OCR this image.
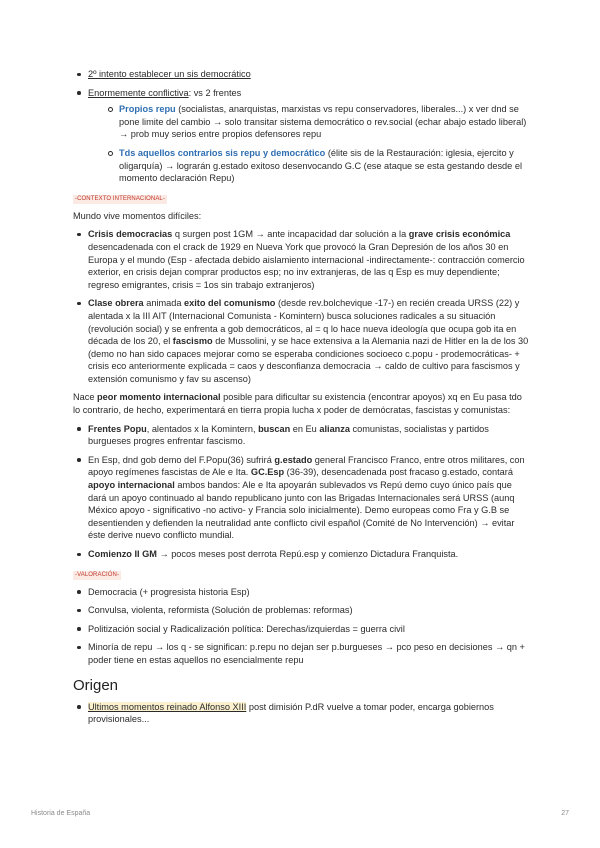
2º intento establecer un sis democrático
Enormemente conflictiva: vs 2 frentes
Propios repu (socialistas, anarquistas, marxistas vs repu conservadores, liberales...) x ver dnd se pone limite del cambio → solo transitar sistema democrático o rev.social (echar abajo estado liberal) → prob muy serios entre propios defensores repu
Tds aquellos contrarios sis repu y democrático (élite sis de la Restauración: iglesia, ejercito y oligarquía) → lograrán g.estado exitoso desenvocando G.C (ese ataque se esta gestando desde el momento declaración Repu)
-CONTEXTO INTERNACIONAL-

Mundo vive momentos difíciles:

Crisis democracias q surgen post 1GM → ante incapacidad dar solución a la grave crisis económica desencadenada con el crack de 1929 en Nueva York que provocó la Gran Depresión de los años 30 en Europa y el mundo (Esp - afectada debido aislamiento internacional -indirectamente-: contracción comercio exterior, en crisis dejan comprar productos esp; no inv extranjeras, de las q Esp es muy dependiente; regreso emigrantes, crisis = 1os sin trabajo extranjeros)
Clase obrera animada exito del comunismo (desde rev.bolchevique -17-) en recién creada URSS (22) y alentada x la III AIT (Internacional Comunista - Komintern) busca soluciones radicales a su situación (revolución social) y se enfrenta a gob democráticos, al = q lo hace nueva ideología que ocupa gob ita en década de los 20, el fascismo de Mussolini, y se hace extensiva a la Alemania nazi de Hitler en la de los 30 (demo no han sido capaces mejorar como se esperaba condiciones socioeco c.popu - prodemocráticas- + crisis eco anteriormente explicada = caos y desconfianza democracia → caldo de cultivo para fascismos y extensión comunismo y fav su ascenso)

Nace peor momento internacional posible para dificultar su existencia (encontrar apoyos) xq en Eu pasa tdo lo contrario, de hecho, experimentará en tierra propia lucha x poder de demócratas, fascistas y comunistas:

Frentes Popu, alentados x la Komintern, buscan en Eu alianza comunistas, socialistas y partidos burgueses progres enfrentar fascismo.
En Esp, dnd gob demo del F.Popu(36) sufrirá g.estado general Francisco Franco, entre otros militares, con apoyo regímenes fascistas de Ale e Ita. GC.Esp (36-39), desencadenada post fracaso g.estado, contará apoyo internacional ambos bandos: Ale e Ita apoyarán sublevados vs Repú demo cuyo único país que dará un apoyo continuado al bando republicano junto con las Brigadas Internacionales será URSS (aunq México apoyo - significativo -no activo- y Francia solo inicialmente). Demo europeas como Fra y G.B se desentienden y defienden la neutralidad ante conflicto civil español (Comité de No Intervención) → evitar éste derive nuevo conflicto mundial.
Comienzo II GM → pocos meses post derrota Repú.esp y comienzo Dictadura Franquista.
-VALORACIÓN-
Democracia (+ progresista historia Esp)
Convulsa, violenta, reformista (Solución de problemas: reformas)
Politización social y Radicalización política: Derechas/izquierdas = guerra civil
Minoría de repu → los q - se significan: p.repu no dejan ser p.burgueses → pco peso en decisiones → qn + poder tiene en estas aquellos no esencialmente repu
Origen
Ultimos momentos reinado Alfonso XIII post dimisión P.dR vuelve a tomar poder, encarga gobiernos provisionales...
Historia de España	27
